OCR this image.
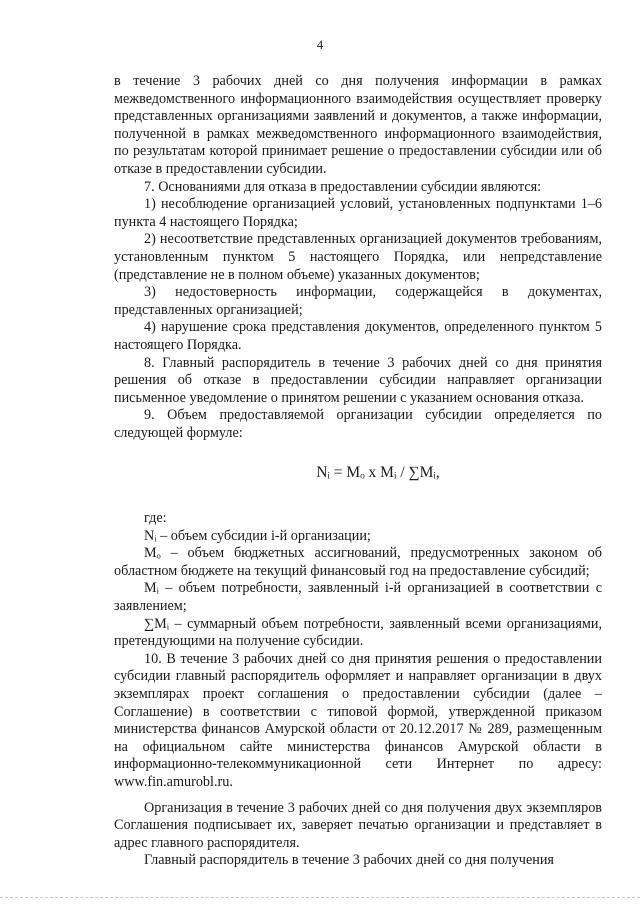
4

в течение 3 рабочих дней со дня получения информации в рамках межведомственного информационного взаимодействия осуществляет проверку представленных организациями заявлений и документов, а также информации, полученной в рамках межведомственного информационного взаимодействия, по результатам которой принимает решение о предоставлении субсидии или об отказе в предоставлении субсидии.

7. Основаниями для отказа в предоставлении субсидии являются:

1) несоблюдение организацией условий, установленных подпунктами 1–6 пункта 4 настоящего Порядка;

2) несоответствие представленных организацией документов требованиям, установленным пунктом 5 настоящего Порядка, или непредставление (представление не в полном объеме) указанных документов;

3) недостоверность информации, содержащейся в документах, представленных организацией;

4) нарушение срока представления документов, определенного пунктом 5 настоящего Порядка.

8. Главный распорядитель в течение 3 рабочих дней со дня принятия решения об отказе в предоставлении субсидии направляет организации письменное уведомление о принятом решении с указанием основания отказа.

9. Объем предоставляемой организации субсидии определяется по следующей формуле:

Nᵢ = Mₒ x Mᵢ / ∑Mᵢ,

где:

Nᵢ – объем субсидии i-й организации;

Mₒ – объем бюджетных ассигнований, предусмотренных законом об областном бюджете на текущий финансовый год на предоставление субсидий;

Mᵢ – объем потребности, заявленный i-й организацией в соответствии с заявлением;

∑Mᵢ – суммарный объем потребности, заявленный всеми организациями, претендующими на получение субсидии.

10. В течение 3 рабочих дней со дня принятия решения о предоставлении субсидии главный распорядитель оформляет и направляет организации в двух экземплярах проект соглашения о предоставлении субсидии (далее – Соглашение) в соответствии с типовой формой, утвержденной приказом министерства финансов Амурской области от 20.12.2017 № 289, размещенным на официальном сайте министерства финансов Амурской области в информационно-телекоммуникационной сети Интернет по адресу: www.fin.amurobl.ru.

Организация в течение 3 рабочих дней со дня получения двух экземпляров Соглашения подписывает их, заверяет печатью организации и представляет в адрес главного распорядителя.

Главный распорядитель в течение 3 рабочих дней со дня получения
